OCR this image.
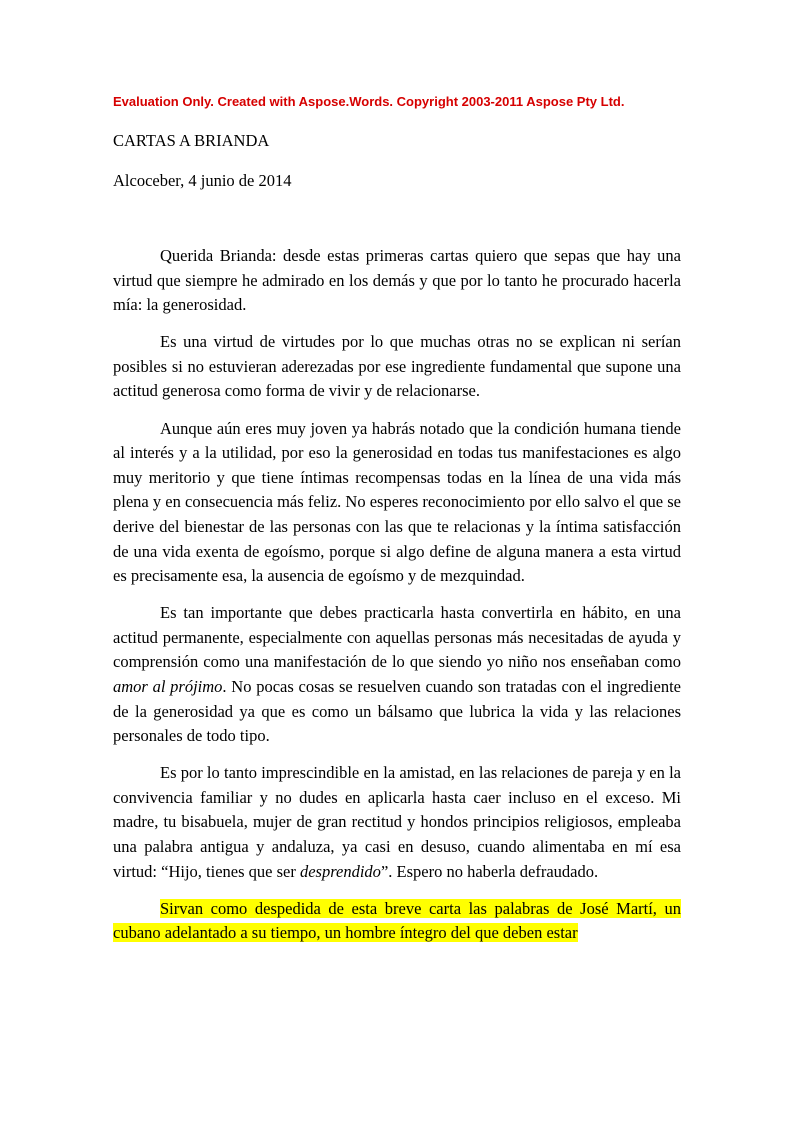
Evaluation Only. Created with Aspose.Words. Copyright 2003-2011 Aspose Pty Ltd.
CARTAS A BRIANDA
Alcoceber, 4 junio de 2014

Querida Brianda: desde estas primeras cartas quiero que sepas que hay una virtud que siempre he admirado en los demás y que por lo tanto he procurado hacerla mía: la generosidad.

Es una virtud de virtudes por lo que muchas otras no se explican ni serían posibles si no estuvieran aderezadas por ese ingrediente fundamental que supone una actitud generosa como forma de vivir y de relacionarse.

Aunque aún eres muy joven ya habrás notado que la condición humana tiende al interés y a la utilidad, por eso la generosidad en todas tus manifestaciones es algo muy meritorio y que tiene íntimas recompensas todas en la línea de una vida más plena y en consecuencia más feliz. No esperes reconocimiento por ello salvo el que se derive del bienestar de las personas con las que te relacionas y la íntima satisfacción de una vida exenta de egoísmo, porque si algo define de alguna manera a esta virtud es precisamente esa, la ausencia de egoísmo y de mezquindad.

Es tan importante que debes practicarla hasta convertirla en hábito, en una actitud permanente, especialmente con aquellas personas más necesitadas de ayuda y comprensión como una manifestación de lo que siendo yo niño nos enseñaban como amor al prójimo. No pocas cosas se resuelven cuando son tratadas con el ingrediente de la generosidad ya que es como un bálsamo que lubrica la vida y las relaciones personales de todo tipo.

Es por lo tanto imprescindible en la amistad, en las relaciones de pareja y en la convivencia familiar y no dudes en aplicarla hasta caer incluso en el exceso. Mi madre, tu bisabuela, mujer de gran rectitud y hondos principios religiosos, empleaba una palabra antigua y andaluza, ya casi en desuso, cuando alimentaba en mí esa virtud: “Hijo, tienes que ser desprendido”. Espero no haberla defraudado.

Sirvan como despedida de esta breve carta las palabras de José Martí, un cubano adelantado a su tiempo, un hombre íntegro del que deben estar
